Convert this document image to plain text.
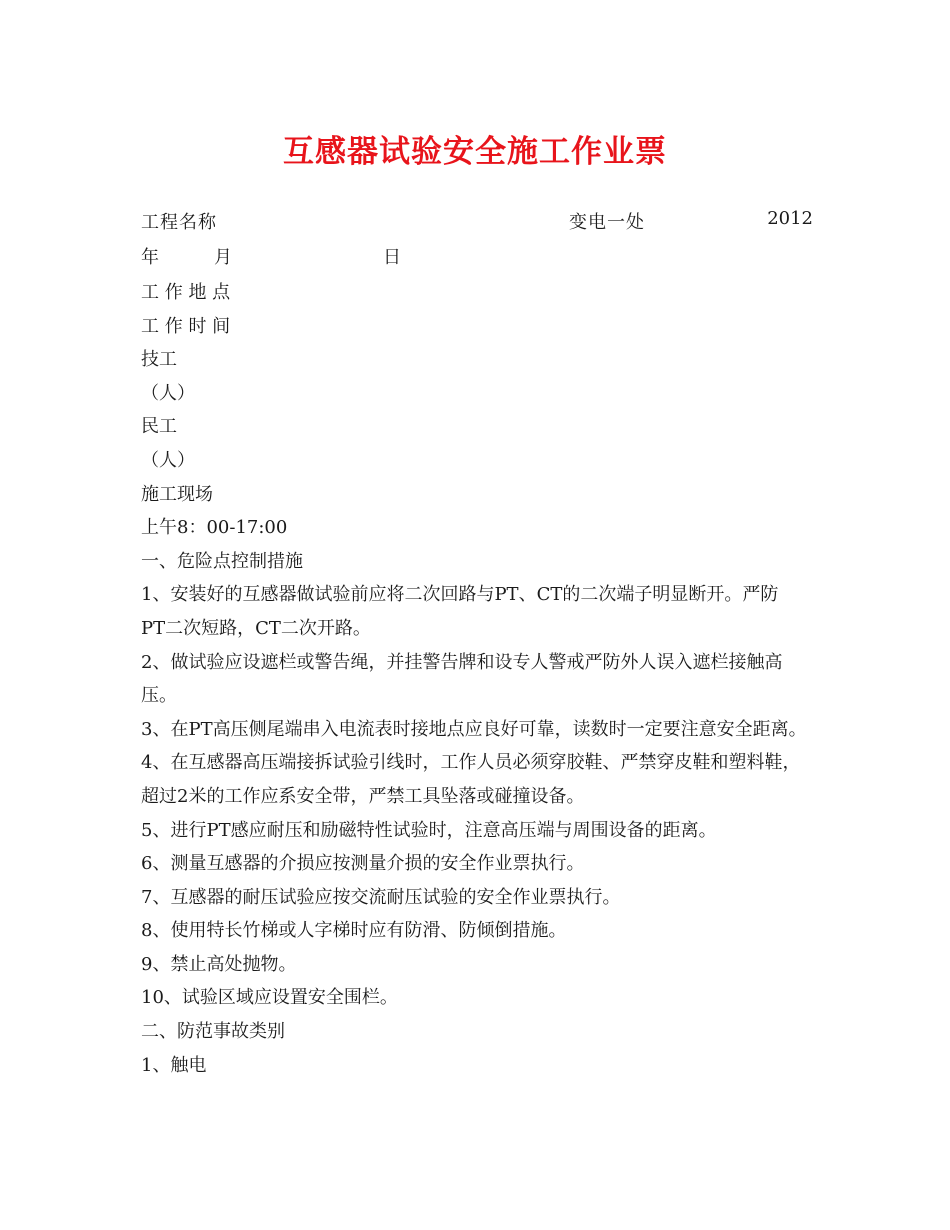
互感器试验安全施工作业票
工程名称	变电一处	2012
年	月	日
工 作 地 点
工 作 时 间
技工
（人）
民工
（人）
施工现场
上午8：00-17:00
一、危险点控制措施
1、安装好的互感器做试验前应将二次回路与PT、CT的二次端子明显断开。严防
PT二次短路，CT二次开路。
2、做试验应设遮栏或警告绳，并挂警告牌和设专人警戒严防外人误入遮栏接触高
压。
3、在PT高压侧尾端串入电流表时接地点应良好可靠，读数时一定要注意安全距离。
4、在互感器高压端接拆试验引线时，工作人员必须穿胶鞋、严禁穿皮鞋和塑料鞋，
超过2米的工作应系安全带，严禁工具坠落或碰撞设备。
5、进行PT感应耐压和励磁特性试验时，注意高压端与周围设备的距离。
6、测量互感器的介损应按测量介损的安全作业票执行。
7、互感器的耐压试验应按交流耐压试验的安全作业票执行。
8、使用特长竹梯或人字梯时应有防滑、防倾倒措施。
9、禁止高处抛物。
10、试验区域应设置安全围栏。
二、防范事故类别
1、触电
